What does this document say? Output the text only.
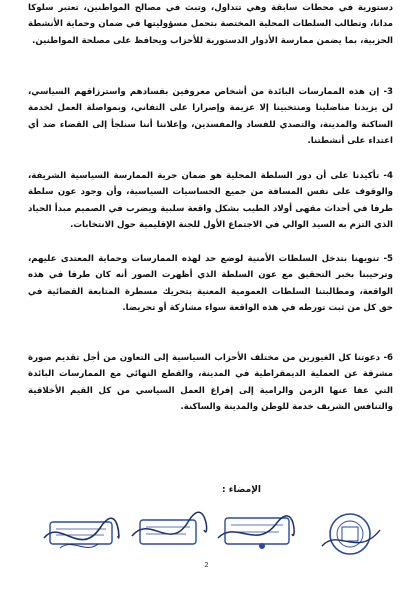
دستورية في محطات سابقة وهي تتداول، وتبث في مصالح المواطنين، تعتبر سلوكا مدانا، وتطالب السلطات المحلية المختصة بتحمل مسؤوليتها في ضمان وحماية الأنشطة الحزبية، بما يضمن ممارسة الأدوار الدستورية للأحزاب ويحافظ على مصلحة المواطنين.

3- إن هذه الممارسات البائدة من أشخاص معروفين بفسادهم واسترزاقهم السياسي، لن يزيدنا مناضلينا ومنتخبينا إلا عزيمة وإصرارا على التفاني، وبمواصلة العمل لخدمة الساكنة والمدينة، والتصدي للفساد والمفسدين، وإعلاننا أننا سنلجأ إلى القضاء ضد أي اعتداء على أنشطتنا.

4- تأكيدنا على أن دور السلطة المحلية هو ضمان حرية الممارسة السياسية الشريفة، والوقوف على نفس المسافة من جميع الحساسيات السياسية، وأن وجود عون سلطة طرفا في أحداث مقهى أولاد الطيب بشكل واقعة سلبية ويضرب في الصميم مبدأ الحياد الذي التزم به السيد الوالي في الاجتماع الأول للجنة الإقليمية حول الانتخابات.

5- تنويهنا بتدخل السلطات الأمنية لوضع حد لهذه الممارسات وحماية المعتدى عليهم، وترحيبنا بخبر التحقيق مع عون السلطة الذي أظهرت الصور أنه كان طرفا في هذه الواقعة، ومطالبتنا السلطات العمومية المعنية بتحريك مسطرة المتابعة القضائية في حق كل من ثبت تورطه في هذه الواقعة سواء مشاركة أو تحريضا.

6- دعوتنا كل الغيورين من مختلف الأحزاب السياسية إلى التعاون من أجل تقديم صورة مشرقة عن العملية الديمقراطية في المدينة، والقطع النهائي مع الممارسات البائدة التي عفا عنها الزمن والرامية إلى إفراغ العمل السياسي من كل القيم الأخلاقية والتنافس الشريف خدمة للوطن والمدينة والساكنة.

الإمضاء :
2
